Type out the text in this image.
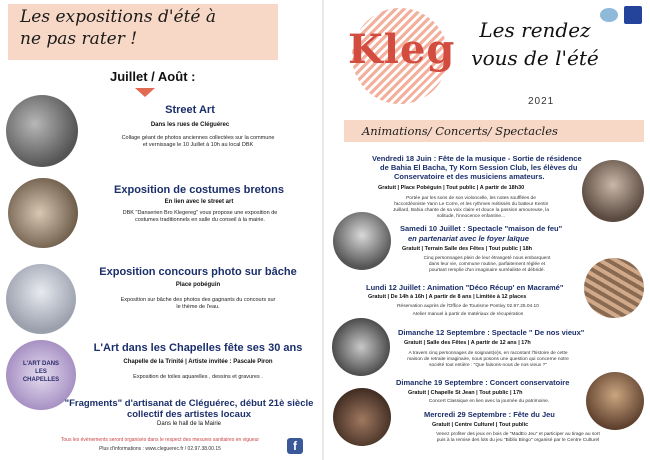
Les expositions d'été à
ne pas rater !
Juillet / Août :
Street Art
Dans les rues de Cléguérec
Collage géant de photos anciennes collectées sur la commune
et vernissage le 10 Juillet à 10h au local DBK
Exposition de costumes bretons
En lien avec le street art
DBK "Danserien Bro Klegereg" vous propose une exposition de
costumes traditionnels en salle du conseil à la mairie.
Exposition concours photo sur bâche
Place pobéguin
Exposition sur bâche des photos des gagnants du concours sur
le thème de l'eau.
L'ART DANS LES CHAPELLES
L'Art dans les Chapelles fête ses 30 ans
Chapelle de la Trinité | Artiste invitée : Pascale Piron
Exposition de toiles aquarelles , dessins et gravures .
"Fragments" d'artisanat de Cléguérec, début 21è siècle
collectif des artistes locaux
Dans le hall de la Mairie
Tous les évènements seront organisés dans le respect des mesures sanitaires en vigueur
Plus d'informations : www.cleguerec.fr / 02.97.38.00.15	f
Kleg	Les rendez
vous de l'été
2021
Animations/ Concerts/ Spectacles
Vendredi 18 Juin : Fête de la musique - Sortie de résidence
de Bahia El Bacha, Ty Korn Session Club, les élèves du
Conservatoire et des musiciens amateurs.
Gratuit | Place Pobéguin | Tout public | A partir de 18h30
Portée par les sons de son violoncelle, les notes soufflées de
l'accordéoniste Yann Le Corre, et les rythmes métissés du batteur Kentin
Juillard, Bahia chante de sa voix claire et douce la passion amoureuse, la
solitude, l'innocence enfantine...
Samedi 10 Juillet : Spectacle "maison de feu"
en partenariat avec le foyer laïque
Gratuit | Terrain Salle des Fêtes | Tout public | 18h
Cinq personnages plein de leur étrangeté nous embarquent
dans leur vie, commune routine, parfaitement réglée et
pourtant remplie d'un imaginaire surréaliste et débridé.
Lundi 12 Juillet : Animation "Déco Récup' en Macramé"
Gratuit | De 14h à 16h | A partir de 8 ans | Limitée à 12 places
Réservation auprès de l'Office de Tourisme Pontivy 02.97.25.04.10
Atelier manuel à partir de matériaux de récupération
Dimanche 12 Septembre : Spectacle " De nos vieux"
Gratuit | Salle des Fêtes | A partir de 12 ans | 17h
A travers cinq personnages de soignant(e)s, en racontant l'histoire de cette
maison de retraite imaginaire, nous posons une question qui concerne notre
société tout entière : "Que faisons-nous de nos vieux ?"
Dimanche 19 Septembre : Concert conservatoire
Gratuit | Chapelle St Jean | Tout public | 17h
Concert Classique en lien avec la journée du patrimoine.
Mercredi 29 Septembre : Fête du Jeu
Gratuit | Centre Culturel | Tout public
Venez profiter des jeux en bois de "MadEo Jeu" et participer au tirage au sort
puis à la remise des lots du jeu "Biblio Bingo" organisé par le Centre Culturel
